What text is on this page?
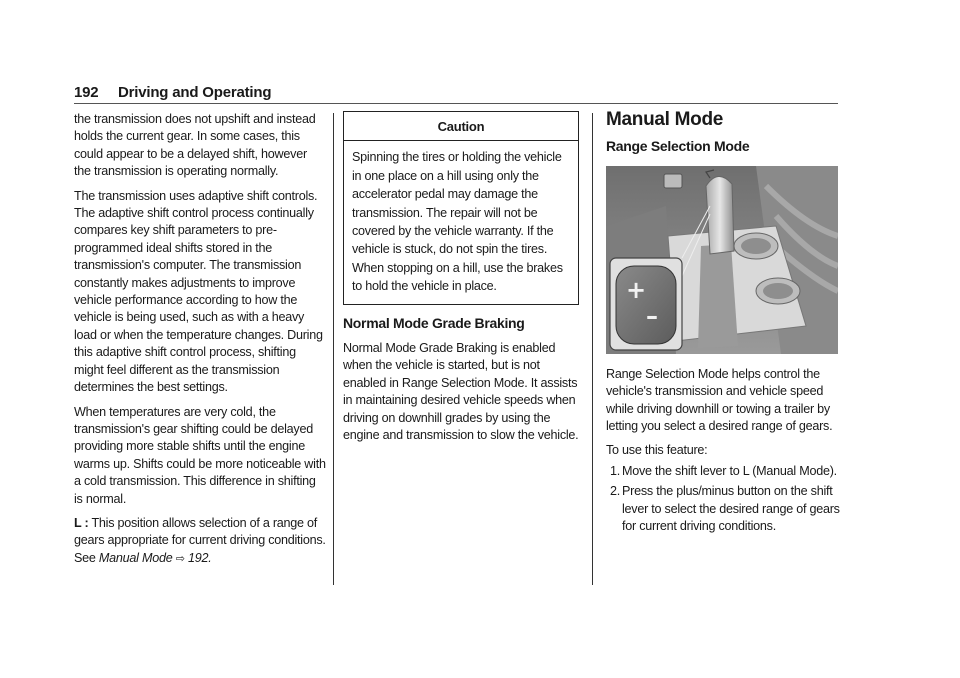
192 Driving and Operating

the transmission does not upshift and instead holds the current gear. In some cases, this could appear to be a delayed shift, however the transmission is operating normally.

The transmission uses adaptive shift controls. The adaptive shift control process continually compares key shift parameters to pre-programmed ideal shifts stored in the transmission's computer. The transmission constantly makes adjustments to improve vehicle performance according to how the vehicle is being used, such as with a heavy load or when the temperature changes. During this adaptive shift control process, shifting might feel different as the transmission determines the best settings.

When temperatures are very cold, the transmission's gear shifting could be delayed providing more stable shifts until the engine warms up. Shifts could be more noticeable with a cold transmission. This difference in shifting is normal.

L : This position allows selection of a range of gears appropriate for current driving conditions. See Manual Mode ⇨ 192.

Caution
Spinning the tires or holding the vehicle in one place on a hill using only the accelerator pedal may damage the transmission. The repair will not be covered by the vehicle warranty. If the vehicle is stuck, do not spin the tires. When stopping on a hill, use the brakes to hold the vehicle in place.
Normal Mode Grade Braking

Normal Mode Grade Braking is enabled when the vehicle is started, but is not enabled in Range Selection Mode. It assists in maintaining desired vehicle speeds when driving on downhill grades by using the engine and transmission to slow the vehicle.

Manual Mode
Range Selection Mode
+
–

Range Selection Mode helps control the vehicle's transmission and vehicle speed while driving downhill or towing a trailer by letting you select a desired range of gears.

To use this feature:

1. Move the shift lever to L (Manual Mode).
2. Press the plus/minus button on the shift lever to select the desired range of gears for current driving conditions.
